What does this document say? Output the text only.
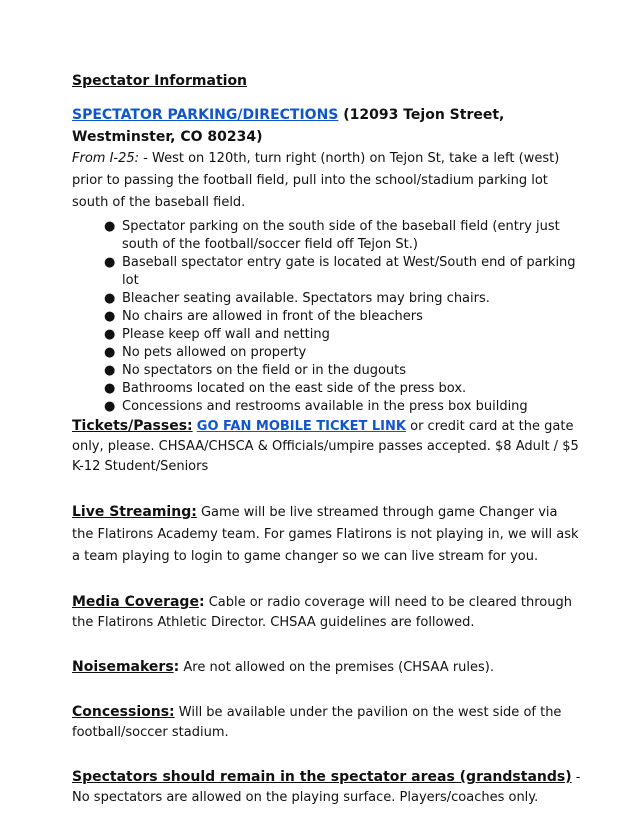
Spectator Information

SPECTATOR PARKING/DIRECTIONS (12093 Tejon Street,
Westminster, CO 80234)

From I-25: - West on 120th, turn right (north) on Tejon St, take a left (west) prior to passing the football field, pull into the school/stadium parking lot south of the baseball field.

● Spectator parking on the south side of the baseball field (entry just south of the football/soccer field off Tejon St.)
● Baseball spectator entry gate is located at West/South end of parking lot
● Bleacher seating available. Spectators may bring chairs.
● No chairs are allowed in front of the bleachers
● Please keep off wall and netting
● No pets allowed on property
● No spectators on the field or in the dugouts
● Bathrooms located on the east side of the press box.
● Concessions and restrooms available in the press box building

Tickets/Passes: GO FAN MOBILE TICKET LINK or credit card at the gate only, please. CHSAA/CHSCA & Officials/umpire passes accepted. $8 Adult / $5 K-12 Student/Seniors

Live Streaming: Game will be live streamed through game Changer via the Flatirons Academy team. For games Flatirons is not playing in, we will ask a team playing to login to game changer so we can live stream for you.

Media Coverage: Cable or radio coverage will need to be cleared through the Flatirons Athletic Director. CHSAA guidelines are followed.

Noisemakers: Are not allowed on the premises (CHSAA rules).

Concessions: Will be available under the pavilion on the west side of the football/soccer stadium.

Spectators should remain in the spectator areas (grandstands) - No spectators are allowed on the playing surface. Players/coaches only.
